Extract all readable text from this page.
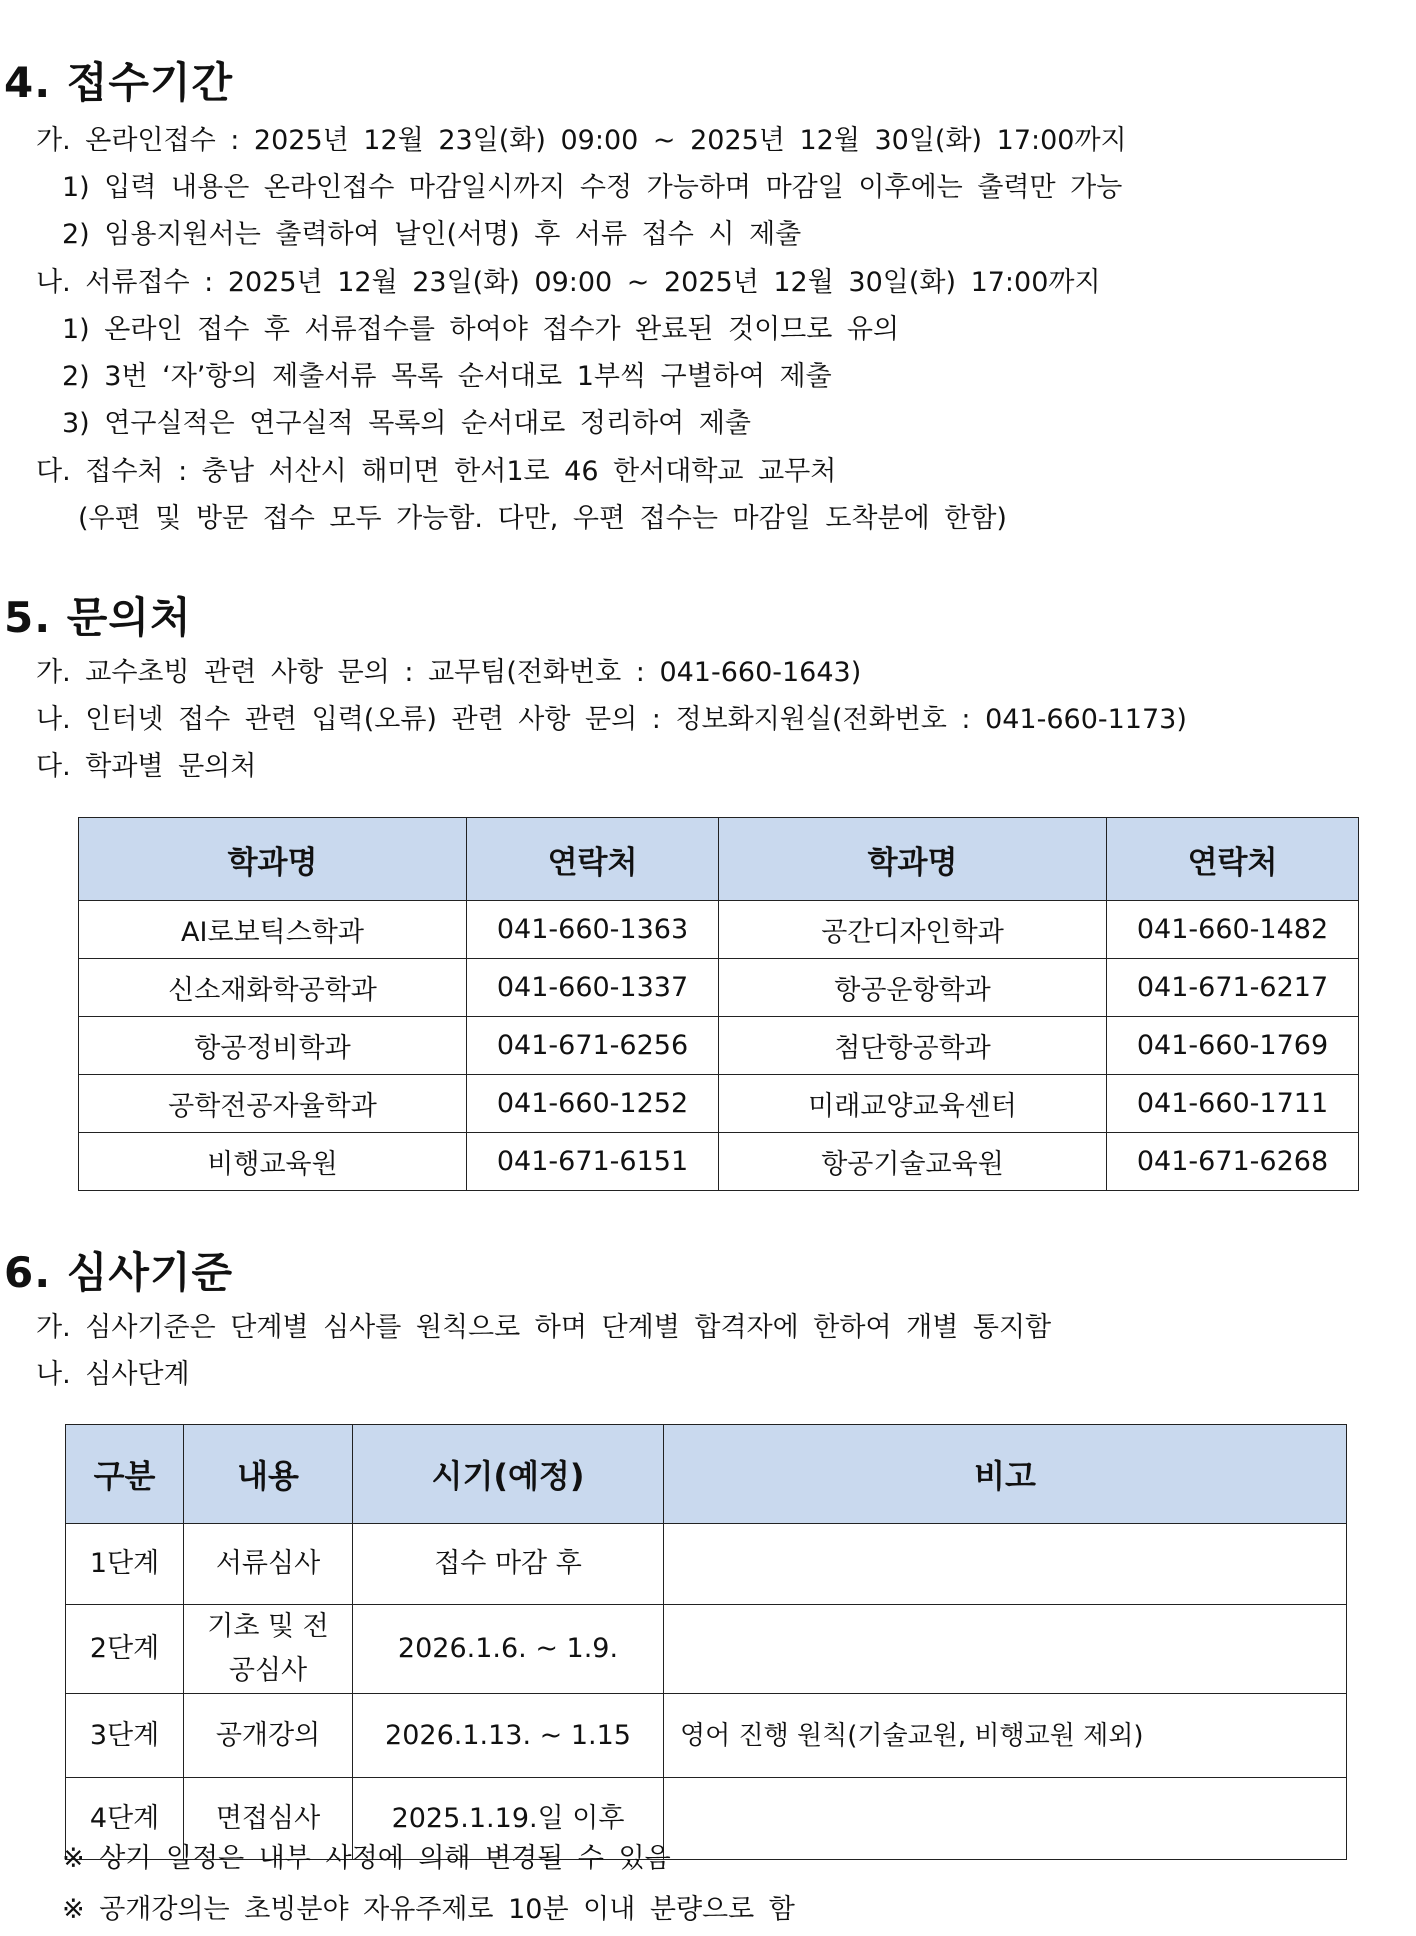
4. 접수기간

가. 온라인접수 : 2025년 12월 23일(화) 09:00 ~ 2025년 12월 30일(화) 17:00까지

1) 입력 내용은 온라인접수 마감일시까지 수정 가능하며 마감일 이후에는 출력만 가능

2) 임용지원서는 출력하여 날인(서명) 후 서류 접수 시 제출

나. 서류접수 : 2025년 12월 23일(화) 09:00 ~ 2025년 12월 30일(화) 17:00까지

1) 온라인 접수 후 서류접수를 하여야 접수가 완료된 것이므로 유의

2) 3번 ‘자’항의 제출서류 목록 순서대로 1부씩 구별하여 제출

3) 연구실적은 연구실적 목록의 순서대로 정리하여 제출

다. 접수처 : 충남 서산시 해미면 한서1로 46 한서대학교 교무처

(우편 및 방문 접수 모두 가능함. 다만, 우편 접수는 마감일 도착분에 한함)

5. 문의처

가. 교수초빙 관련 사항 문의 : 교무팀(전화번호 : 041-660-1643)

나. 인터넷 접수 관련 입력(오류) 관련 사항 문의 : 정보화지원실(전화번호 : 041-660-1173)

다. 학과별 문의처

학과명	연락처	학과명	연락처
AI로보틱스학과	041-660-1363	공간디자인학과	041-660-1482
신소재화학공학과	041-660-1337	항공운항학과	041-671-6217
항공정비학과	041-671-6256	첨단항공학과	041-660-1769
공학전공자율학과	041-660-1252	미래교양교육센터	041-660-1711
비행교육원	041-671-6151	항공기술교육원	041-671-6268
6. 심사기준

가. 심사기준은 단계별 심사를 원칙으로 하며 단계별 합격자에 한하여 개별 통지함

나. 심사단계

구분	내용	시기(예정)	비고
1단계	서류심사	접수 마감 후	
2단계	기초 및 전공심사	2026.1.6. ~ 1.9.	
3단계	공개강의	2026.1.13. ~ 1.15	영어 진행 원칙(기술교원, 비행교원 제외)
4단계	면접심사	2025.1.19.일 이후	

※ 상기 일정은 내부 사정에 의해 변경될 수 있음

※ 공개강의는 초빙분야 자유주제로 10분 이내 분량으로 함
